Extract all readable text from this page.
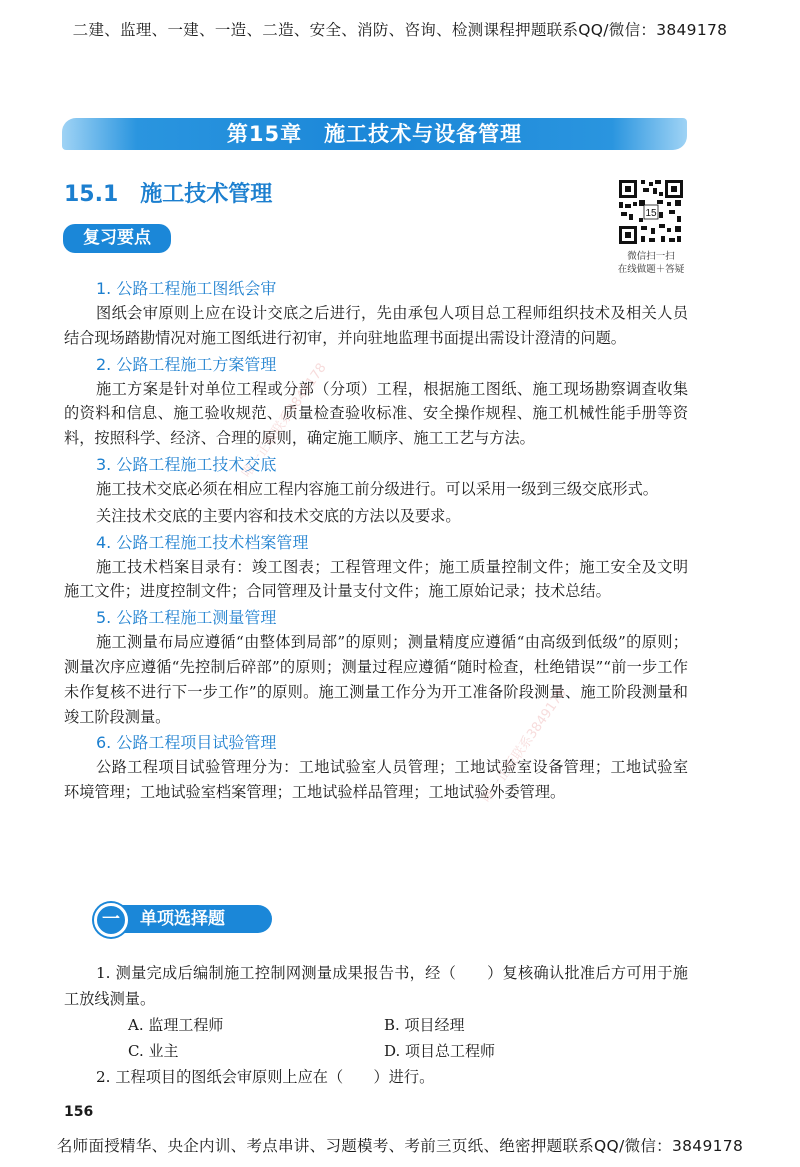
二建、监理、一建、一造、二造、安全、消防、咨询、检测课程押题联系QQ/微信：3849178
第15章　施工技术与设备管理
15.1 施工技术管理
复习要点
15
微信扫一扫
在线做题＋答疑
1. 公路工程施工图纸会审

图纸会审原则上应在设计交底之后进行，先由承包人项目总工程师组织技术及相关人员结合现场踏勘情况对施工图纸进行初审，并向驻地监理书面提出需设计澄清的问题。

2. 公路工程施工方案管理

施工方案是针对单位工程或分部（分项）工程，根据施工图纸、施工现场勘察调查收集的资料和信息、施工验收规范、质量检查验收标准、安全操作规程、施工机械性能手册等资料，按照科学、经济、合理的原则，确定施工顺序、施工工艺与方法。

3. 公路工程施工技术交底

施工技术交底必须在相应工程内容施工前分级进行。可以采用一级到三级交底形式。

关注技术交底的主要内容和技术交底的方法以及要求。

4. 公路工程施工技术档案管理

施工技术档案目录有：竣工图表；工程管理文件；施工质量控制文件；施工安全及文明施工文件；进度控制文件；合同管理及计量支付文件；施工原始记录；技术总结。

5. 公路工程施工测量管理

施工测量布局应遵循“由整体到局部”的原则；测量精度应遵循“由高级到低级”的原则；测量次序应遵循“先控制后碎部”的原则；测量过程应遵循“随时检查，杜绝错误”“前一步工作未作复核不进行下一步工作”的原则。施工测量工作分为开工准备阶段测量、施工阶段测量和竣工阶段测量。

6. 公路工程项目试验管理

公路工程项目试验管理分为：工地试验室人员管理；工地试验室设备管理；工地试验室环境管理；工地试验室档案管理；工地试验样品管理；工地试验外委管理。

单项选择题
一

1. 测量完成后编制施工控制网测量成果报告书，经（　　）复核确认批准后方可用于施工放线测量。

A. 监理工程师	B. 项目经理
C. 业主	D. 项目总工程师

2. 工程项目的图纸会审原则上应在（　　）进行。

156
名师面授精华、央企内训、考点串讲、习题模考、考前三页纸、绝密押题联系QQ/微信：3849178
唯一正版联系3849178
唯一正版联系3849178
